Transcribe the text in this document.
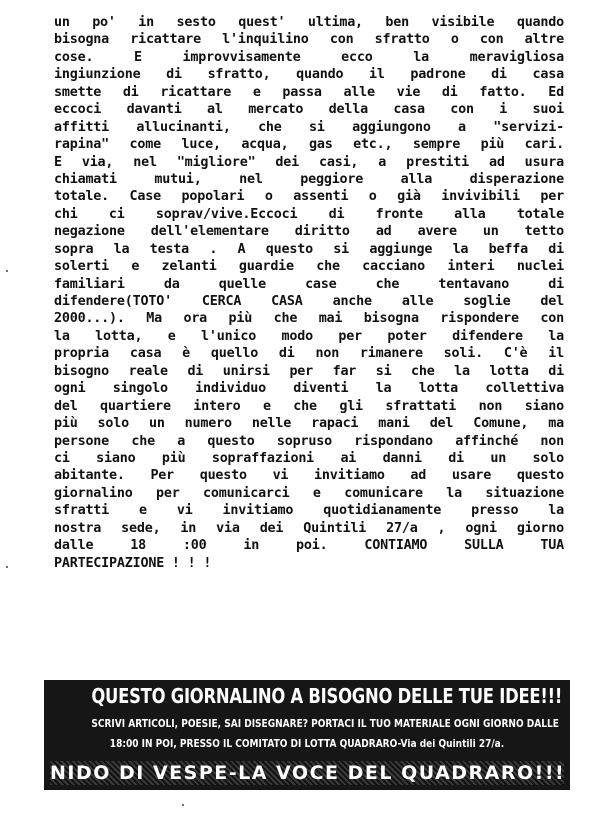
un po' in sesto quest' ultima, ben visibile quando
bisogna ricattare l'inquilino con sfratto o con altre
cose. E improvvisamente ecco la meravigliosa
ingiunzione di sfratto, quando il padrone di casa
smette di ricattare e passa alle vie di fatto. Ed
eccoci davanti al mercato della casa con i suoi
affitti allucinanti, che si aggiungono a "servizi-
rapina" come luce, acqua, gas etc., sempre più cari.
E via, nel "migliore" dei casi, a prestiti ad usura
chiamati mutui, nel peggiore alla disperazione
totale. Case popolari o assenti o già invivibili per
chi ci soprav/vive.Eccoci di fronte alla totale
negazione dell'elementare diritto ad avere un tetto
sopra la testa . A questo si aggiunge la beffa di
solerti e zelanti guardie che cacciano interi nuclei
familiari da quelle case che tentavano di
difendere(TOTO' CERCA CASA anche alle soglie del
2000...). Ma ora più che mai bisogna rispondere con
la lotta, e l'unico modo per poter difendere la
propria casa è quello di non rimanere soli. C'è il
bisogno reale di unirsi per far si che la lotta di
ogni singolo individuo diventi la lotta collettiva
del quartiere intero e che gli sfrattati non siano
più solo un numero nelle rapaci mani del Comune, ma
persone che a questo sopruso rispondano affinché non
ci siano più sopraffazioni ai danni di un solo
abitante. Per questo vi invitiamo ad usare questo
giornalino per comunicarci e comunicare la situazione
sfratti e vi invitiamo quotidianamente presso la
nostra sede, in via dei Quintili 27/a , ogni giorno
dalle 18 :00 in poi. CONTIAMO SULLA TUA
PARTECIPAZIONE ! ! !
QUESTO GIORNALINO A BISOGNO DELLE TUE IDEE!!!
SCRIVI ARTICOLI, POESIE, SAI DISEGNARE? PORTACI IL TUO MATERIALE OGNI GIORNO DALLE
18:00 IN POI, PRESSO IL COMITATO DI LOTTA QUADRARO-Via dei Quintili 27/a.
NIDO DI VESPE-LA VOCE DEL QUADRARO!!!
